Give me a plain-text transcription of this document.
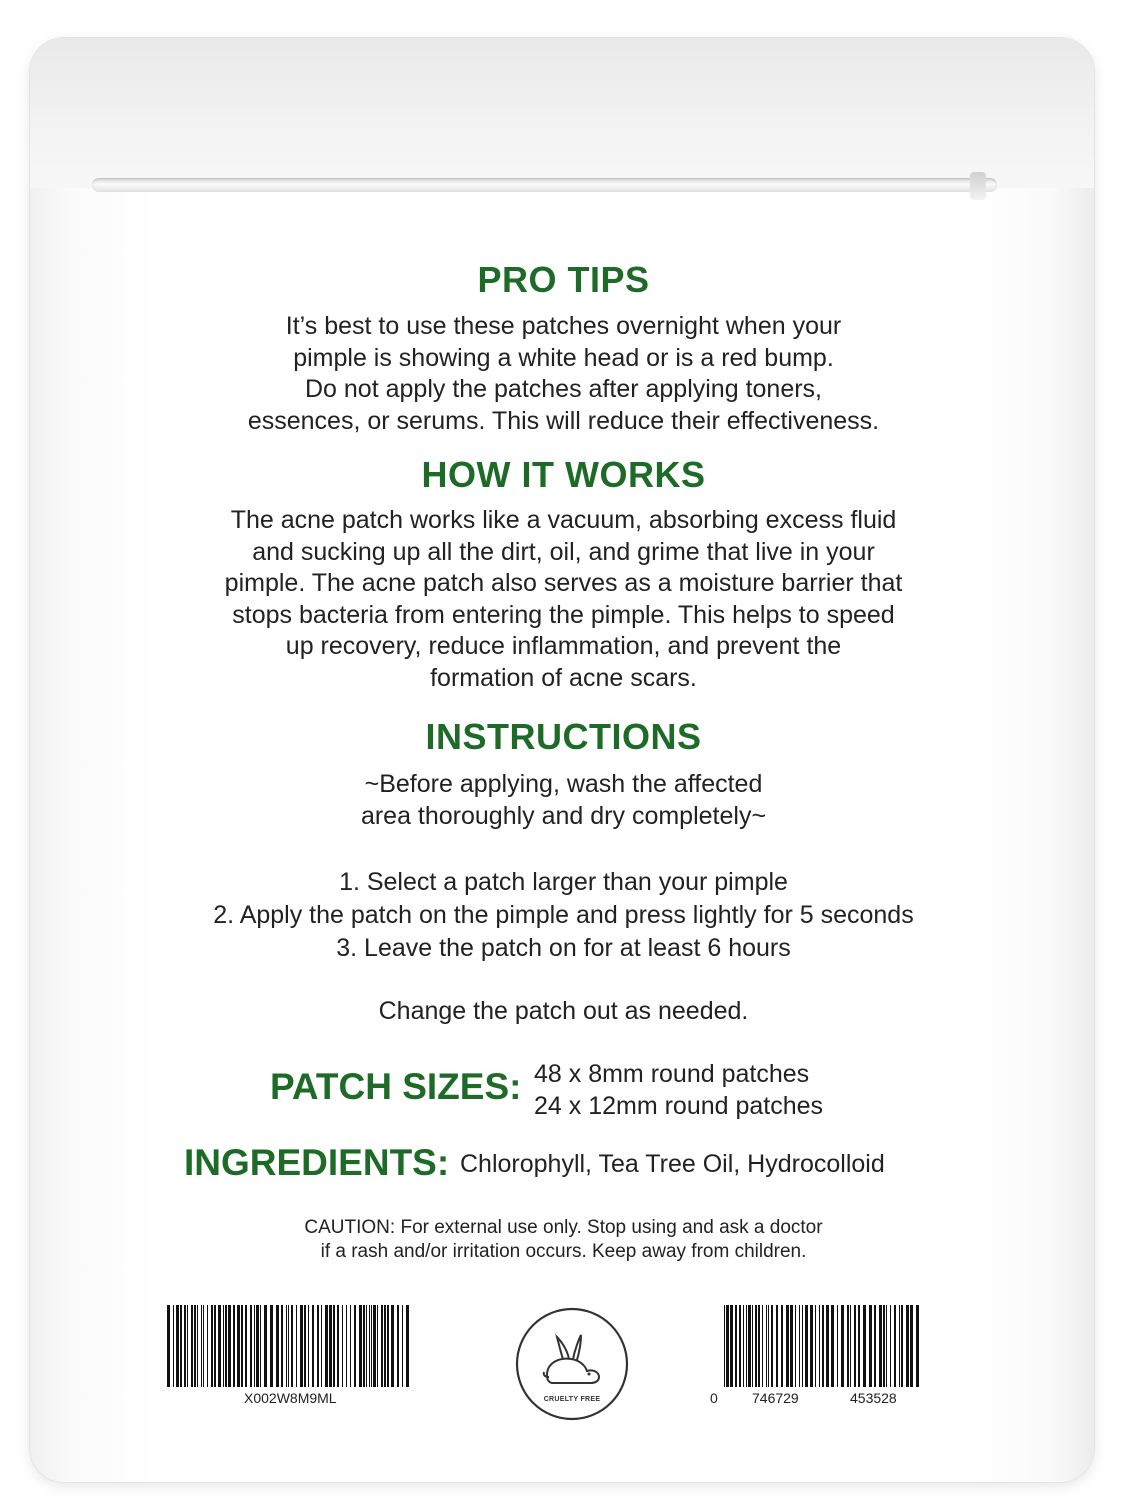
PRO TIPS
It’s best to use these patches overnight when your
pimple is showing a white head or is a red bump.
Do not apply the patches after applying toners,
essences, or serums. This will reduce their effectiveness.
HOW IT WORKS
The acne patch works like a vacuum, absorbing excess fluid
and sucking up all the dirt, oil, and grime that live in your
pimple. The acne patch also serves as a moisture barrier that
stops bacteria from entering the pimple. This helps to speed
up recovery, reduce inflammation, and prevent the
formation of acne scars.
INSTRUCTIONS
~Before applying, wash the affected
area thoroughly and dry completely~
1. Select a patch larger than your pimple
2. Apply the patch on the pimple and press lightly for 5 seconds
3. Leave the patch on for at least 6 hours
Change the patch out as needed.
PATCH SIZES: 48 x 8mm round patches
24 x 12mm round patches
INGREDIENTS: Chlorophyll, Tea Tree Oil, Hydrocolloid
CAUTION: For external use only. Stop using and ask a doctor
if a rash and/or irritation occurs. Keep away from children.
X002W8M9ML	CRUELTY FREE	0 746729	453528
